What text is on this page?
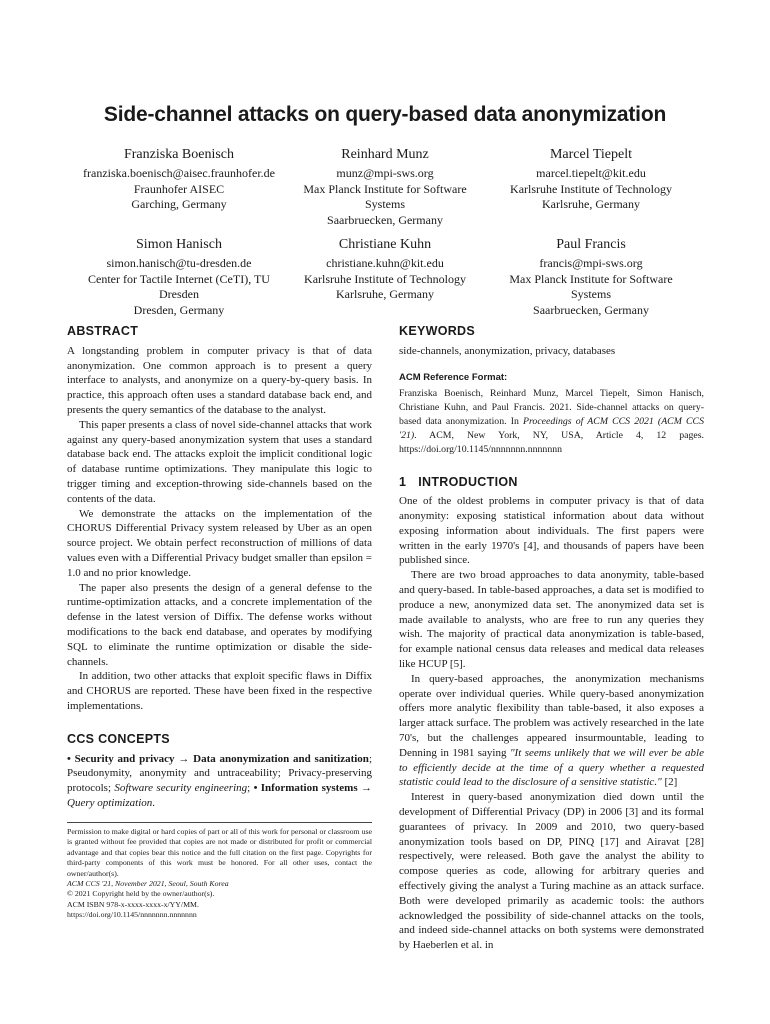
Side-channel attacks on query-based data anonymization
Franziska Boenisch
franziska.boenisch@aisec.fraunhofer.de
Fraunhofer AISEC
Garching, Germany
Reinhard Munz
munz@mpi-sws.org
Max Planck Institute for Software
Systems
Saarbruecken, Germany
Marcel Tiepelt
marcel.tiepelt@kit.edu
Karlsruhe Institute of Technology
Karlsruhe, Germany
Simon Hanisch
simon.hanisch@tu-dresden.de
Center for Tactile Internet (CeTI), TU
Dresden
Dresden, Germany
Christiane Kuhn
christiane.kuhn@kit.edu
Karlsruhe Institute of Technology
Karlsruhe, Germany
Paul Francis
francis@mpi-sws.org
Max Planck Institute for Software
Systems
Saarbruecken, Germany
ABSTRACT

A longstanding problem in computer privacy is that of data anonymization. One common approach is to present a query interface to analysts, and anonymize on a query-by-query basis. In practice, this approach often uses a standard database back end, and presents the query semantics of the database to the analyst.

This paper presents a class of novel side-channel attacks that work against any query-based anonymization system that uses a standard database back end. The attacks exploit the implicit conditional logic of database runtime optimizations. They manipulate this logic to trigger timing and exception-throwing side-channels based on the contents of the data.

We demonstrate the attacks on the implementation of the CHORUS Differential Privacy system released by Uber as an open source project. We obtain perfect reconstruction of millions of data values even with a Differential Privacy budget smaller than epsilon = 1.0 and no prior knowledge.

The paper also presents the design of a general defense to the runtime-optimization attacks, and a concrete implementation of the defense in the latest version of Diffix. The defense works without modifications to the back end database, and operates by modifying SQL to eliminate the runtime optimization or disable the side-channels.

In addition, two other attacks that exploit specific flaws in Diffix and CHORUS are reported. These have been fixed in the respective implementations.

CCS CONCEPTS

• Security and privacy → Data anonymization and sanitization; Pseudonymity, anonymity and untraceability; Privacy-preserving protocols; Software security engineering; • Information systems → Query optimization.

Permission to make digital or hard copies of part or all of this work for personal or classroom use is granted without fee provided that copies are not made or distributed for profit or commercial advantage and that copies bear this notice and the full citation on the first page. Copyrights for third-party components of this work must be honored. For all other uses, contact the owner/author(s).
ACM CCS '21, November 2021, Seoul, South Korea
© 2021 Copyright held by the owner/author(s).
ACM ISBN 978-x-xxxx-xxxx-x/YY/MM.
https://doi.org/10.1145/nnnnnnn.nnnnnnn
KEYWORDS

side-channels, anonymization, privacy, databases

ACM Reference Format:
Franziska Boenisch, Reinhard Munz, Marcel Tiepelt, Simon Hanisch, Christiane Kuhn, and Paul Francis. 2021. Side-channel attacks on query-based data anonymization. In Proceedings of ACM CCS 2021 (ACM CCS '21). ACM, New York, NY, USA, Article 4, 12 pages. https://doi.org/10.1145/nnnnnnn.nnnnnnn
1 INTRODUCTION

One of the oldest problems in computer privacy is that of data anonymity: exposing statistical information about data without exposing information about individuals. The first papers were written in the early 1970's [4], and thousands of papers have been published since.

There are two broad approaches to data anonymity, table-based and query-based. In table-based approaches, a data set is modified to produce a new, anonymized data set. The anonymized data set is made available to analysts, who are free to run any queries they wish. The majority of practical data anonymization is table-based, for example national census data releases and medical data releases like HCUP [5].

In query-based approaches, the anonymization mechanisms operate over individual queries. While query-based anonymization offers more analytic flexibility than table-based, it also exposes a larger attack surface. The problem was actively researched in the late 70's, but the challenges appeared insurmountable, leading to Denning in 1981 saying "It seems unlikely that we will ever be able to efficiently decide at the time of a query whether a requested statistic could lead to the disclosure of a sensitive statistic." [2]

Interest in query-based anonymization died down until the development of Differential Privacy (DP) in 2006 [3] and its formal guarantees of privacy. In 2009 and 2010, two query-based anonymization tools based on DP, PINQ [17] and Airavat [28] respectively, were released. Both gave the analyst the ability to compose queries as code, allowing for arbitrary queries and effectively giving the analyst a Turing machine as an attack surface. Both were developed primarily as academic tools: the authors acknowledged the possibility of side-channel attacks on the tools, and indeed side-channel attacks on both systems were demonstrated by Haeberlen et al. in
